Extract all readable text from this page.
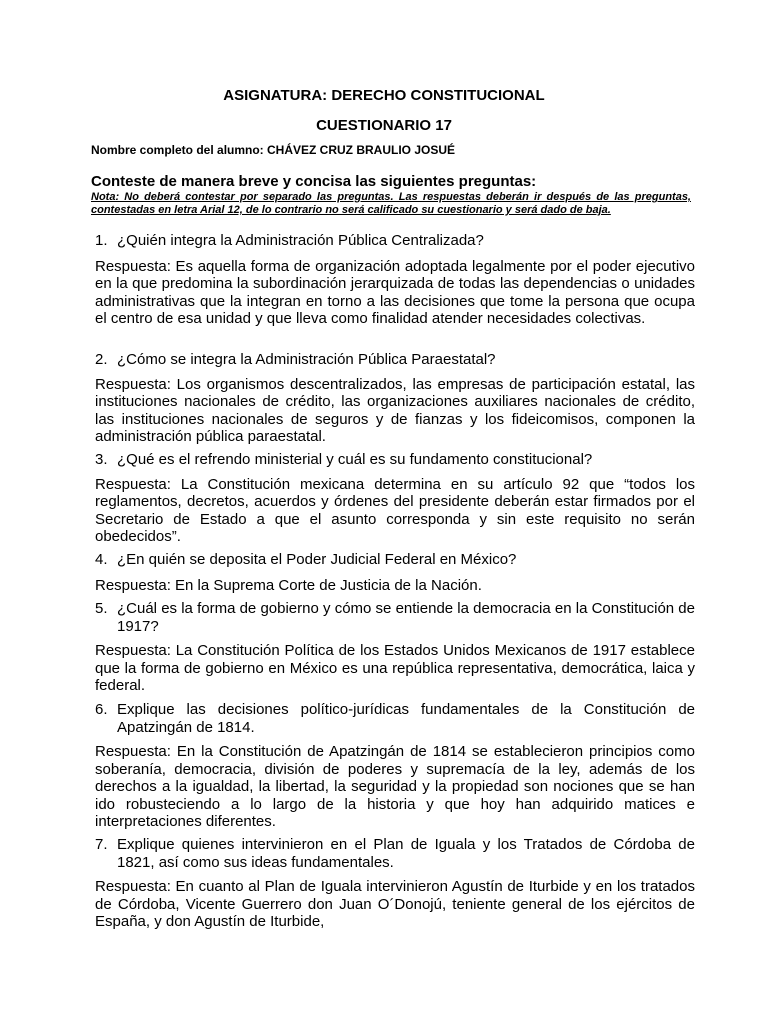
ASIGNATURA: DERECHO CONSTITUCIONAL
CUESTIONARIO 17
Nombre completo del alumno: CHÁVEZ CRUZ BRAULIO JOSUÉ
Conteste de manera breve y concisa las siguientes preguntas:
Nota: No deberá contestar por separado las preguntas. Las respuestas deberán ir después de las preguntas, contestadas en letra Arial 12, de lo contrario no será calificado su cuestionario y será dado de baja.
1. ¿Quién integra la Administración Pública Centralizada?
Respuesta: Es aquella forma de organización adoptada legalmente por el poder ejecutivo en la que predomina la subordinación jerarquizada de todas las dependencias o unidades administrativas que la integran en torno a las decisiones que tome la persona que ocupa el centro de esa unidad y que lleva como finalidad atender necesidades colectivas.
2. ¿Cómo se integra la Administración Pública Paraestatal?
Respuesta: Los organismos descentralizados, las empresas de participación estatal, las instituciones nacionales de crédito, las organizaciones auxiliares nacionales de crédito, las instituciones nacionales de seguros y de fianzas y los fideicomisos, componen la administración pública paraestatal.
3. ¿Qué es el refrendo ministerial y cuál es su fundamento constitucional?
Respuesta: La Constitución mexicana determina en su artículo 92 que “todos los reglamentos, decretos, acuerdos y órdenes del presidente deberán estar firmados por el Secretario de Estado a que el asunto corresponda y sin este requisito no serán obedecidos”.
4. ¿En quién se deposita el Poder Judicial Federal en México?
Respuesta: En la Suprema Corte de Justicia de la Nación.
5. ¿Cuál es la forma de gobierno y cómo se entiende la democracia en la Constitución de 1917?
Respuesta: La Constitución Política de los Estados Unidos Mexicanos de 1917 establece que la forma de gobierno en México es una república representativa, democrática, laica y federal.
6. Explique las decisiones político-jurídicas fundamentales de la Constitución de Apatzingán de 1814.
Respuesta: En la Constitución de Apatzingán de 1814 se establecieron principios como soberanía, democracia, división de poderes y supremacía de la ley, además de los derechos a la igualdad, la libertad, la seguridad y la propiedad son nociones que se han ido robusteciendo a lo largo de la historia y que hoy han adquirido matices e interpretaciones diferentes.
7. Explique quienes intervinieron en el Plan de Iguala y los Tratados de Córdoba de 1821, así como sus ideas fundamentales.
Respuesta: En cuanto al Plan de Iguala intervinieron Agustín de Iturbide y en los tratados de Córdoba, Vicente Guerrero don Juan O´Donojú, teniente general de los ejércitos de España, y don Agustín de Iturbide,
